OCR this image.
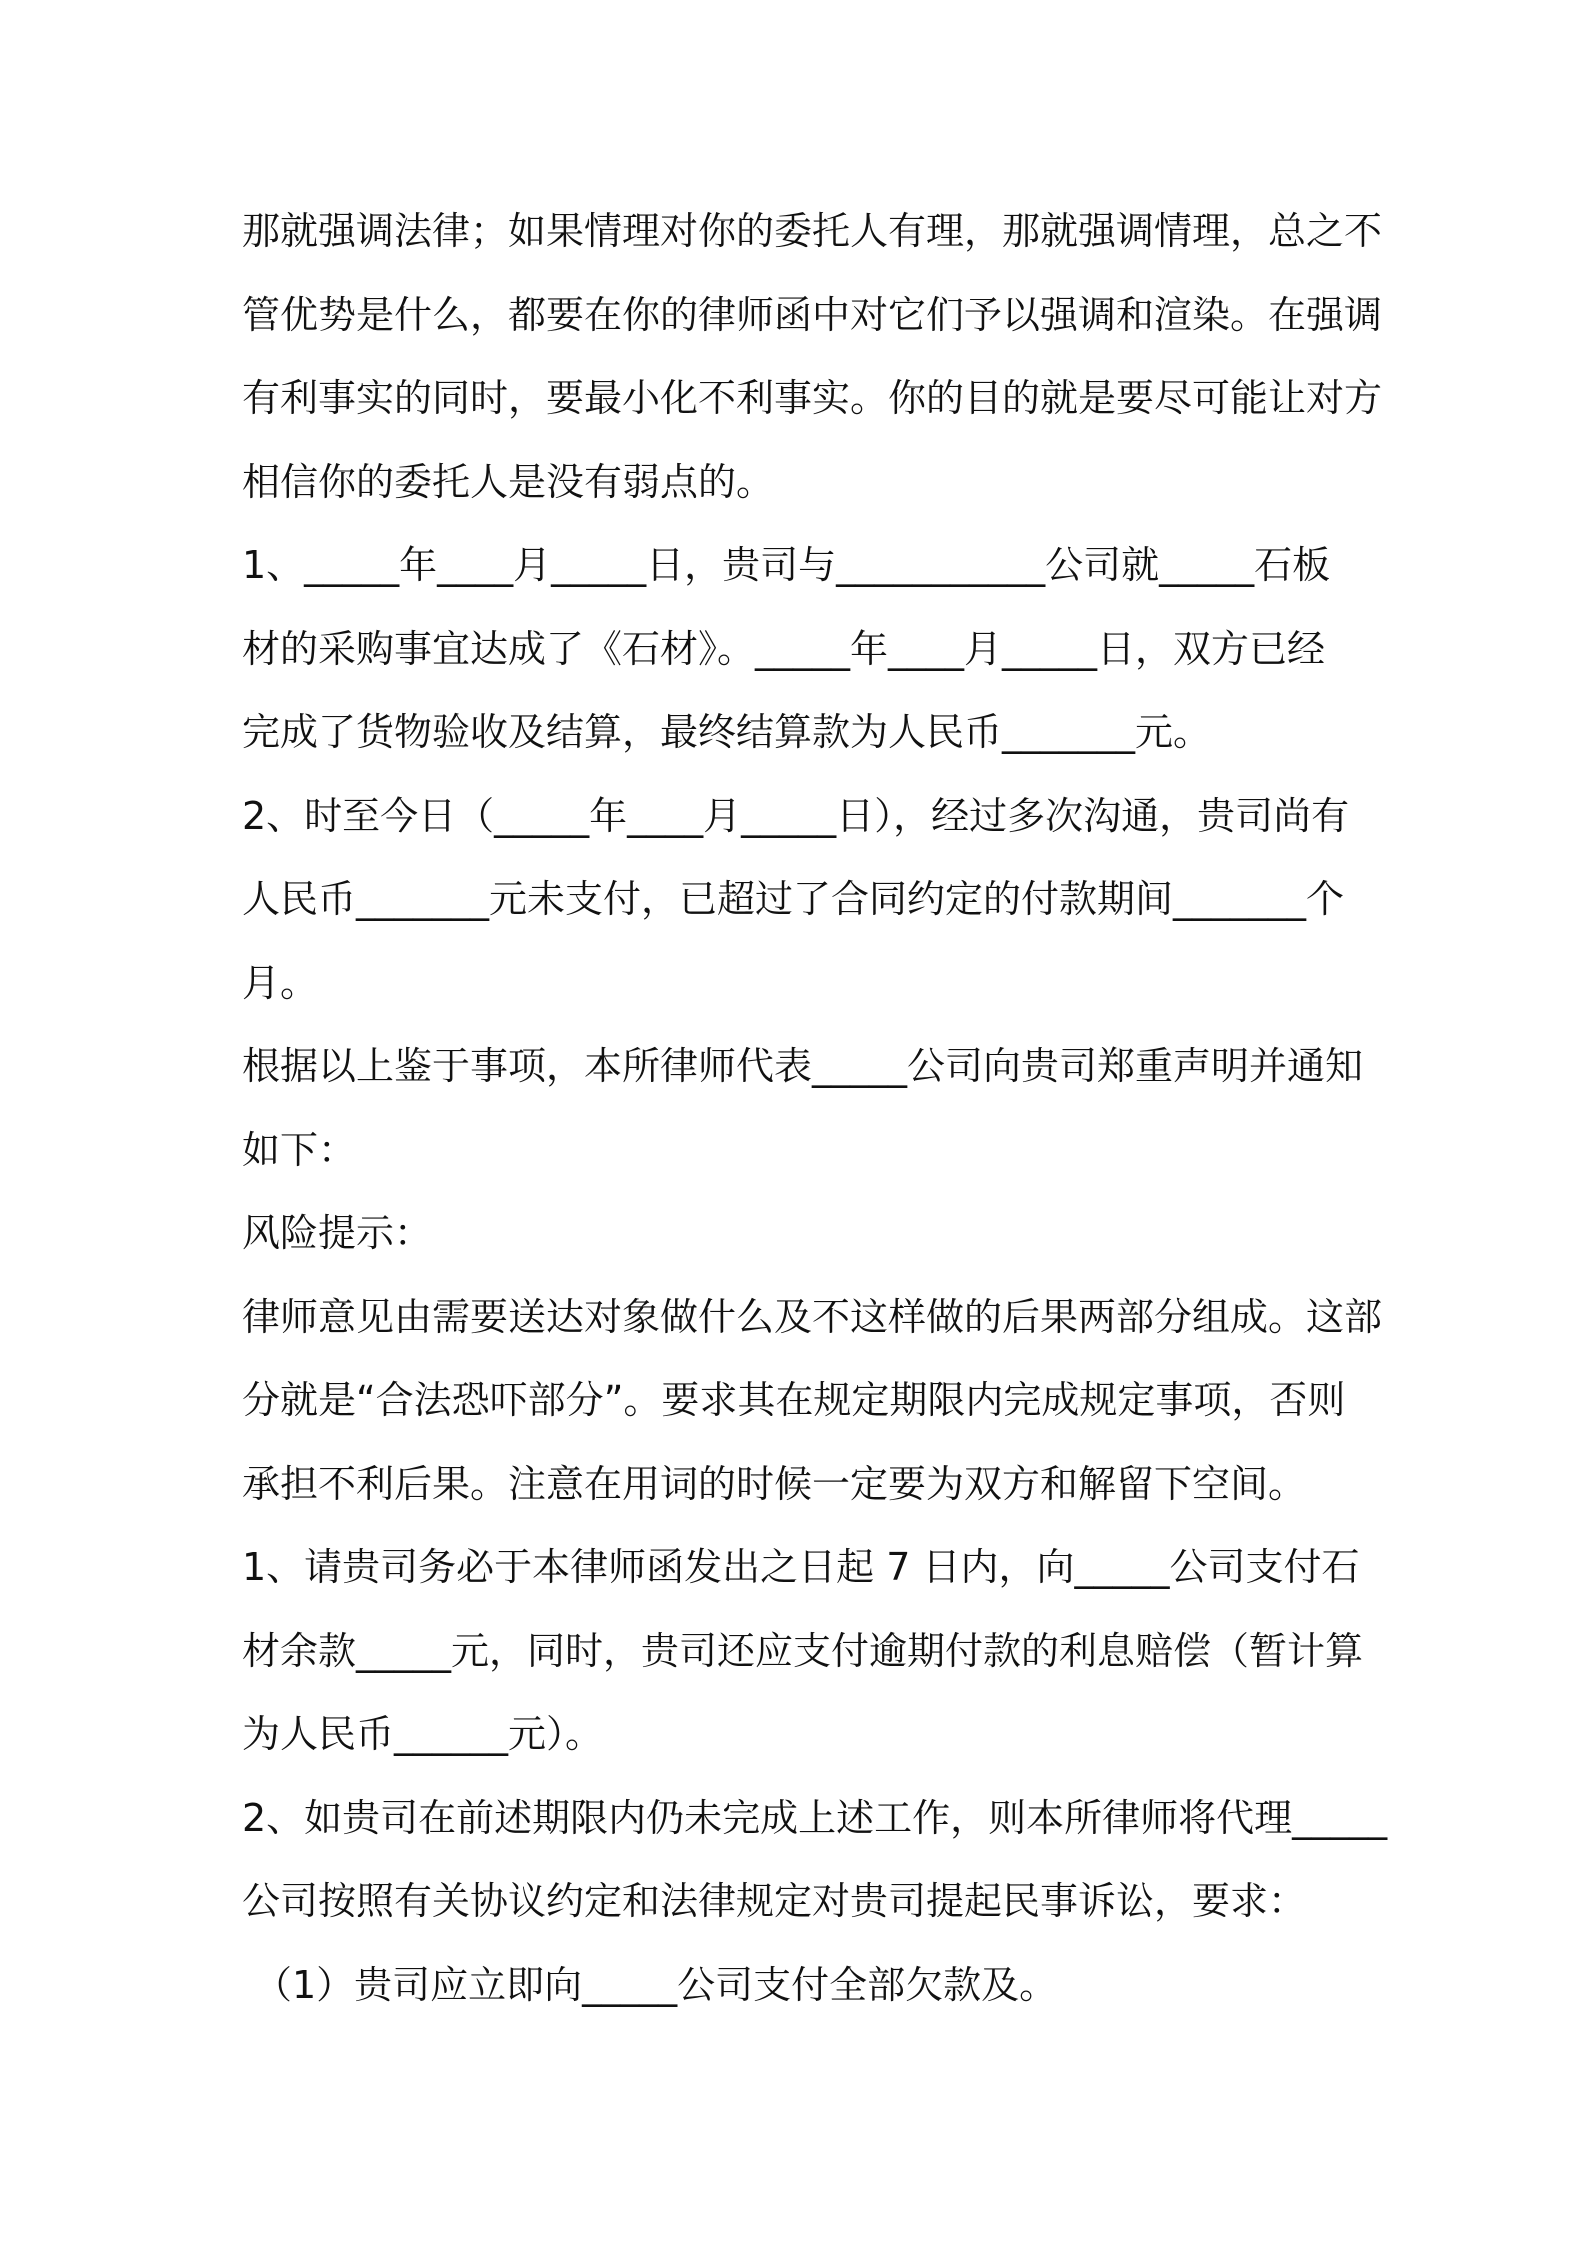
那就强调法律；如果情理对你的委托人有理，那就强调情理，总之不
管优势是什么，都要在你的律师函中对它们予以强调和渲染。在强调
有利事实的同时，要最小化不利事实。你的目的就是要尽可能让对方
相信你的委托人是没有弱点的。
1、_____年____月_____日，贵司与___________公司就_____石板
材的采购事宜达成了《石材》。_____年____月_____日，双方已经
完成了货物验收及结算，最终结算款为人民币_______元。
2、时至今日（_____年____月_____日），经过多次沟通，贵司尚有
人民币_______元未支付，已超过了合同约定的付款期间_______个
月。
根据以上鉴于事项，本所律师代表_____公司向贵司郑重声明并通知
如下：
风险提示：
律师意见由需要送达对象做什么及不这样做的后果两部分组成。这部
分就是“合法恐吓部分”。要求其在规定期限内完成规定事项，否则
承担不利后果。注意在用词的时候一定要为双方和解留下空间。
1、请贵司务必于本律师函发出之日起 7 日内，向_____公司支付石
材余款_____元，同时，贵司还应支付逾期付款的利息赔偿（暂计算
为人民币______元）。
2、如贵司在前述期限内仍未完成上述工作，则本所律师将代理_____
公司按照有关协议约定和法律规定对贵司提起民事诉讼，要求：
（1）贵司应立即向_____公司支付全部欠款及。
